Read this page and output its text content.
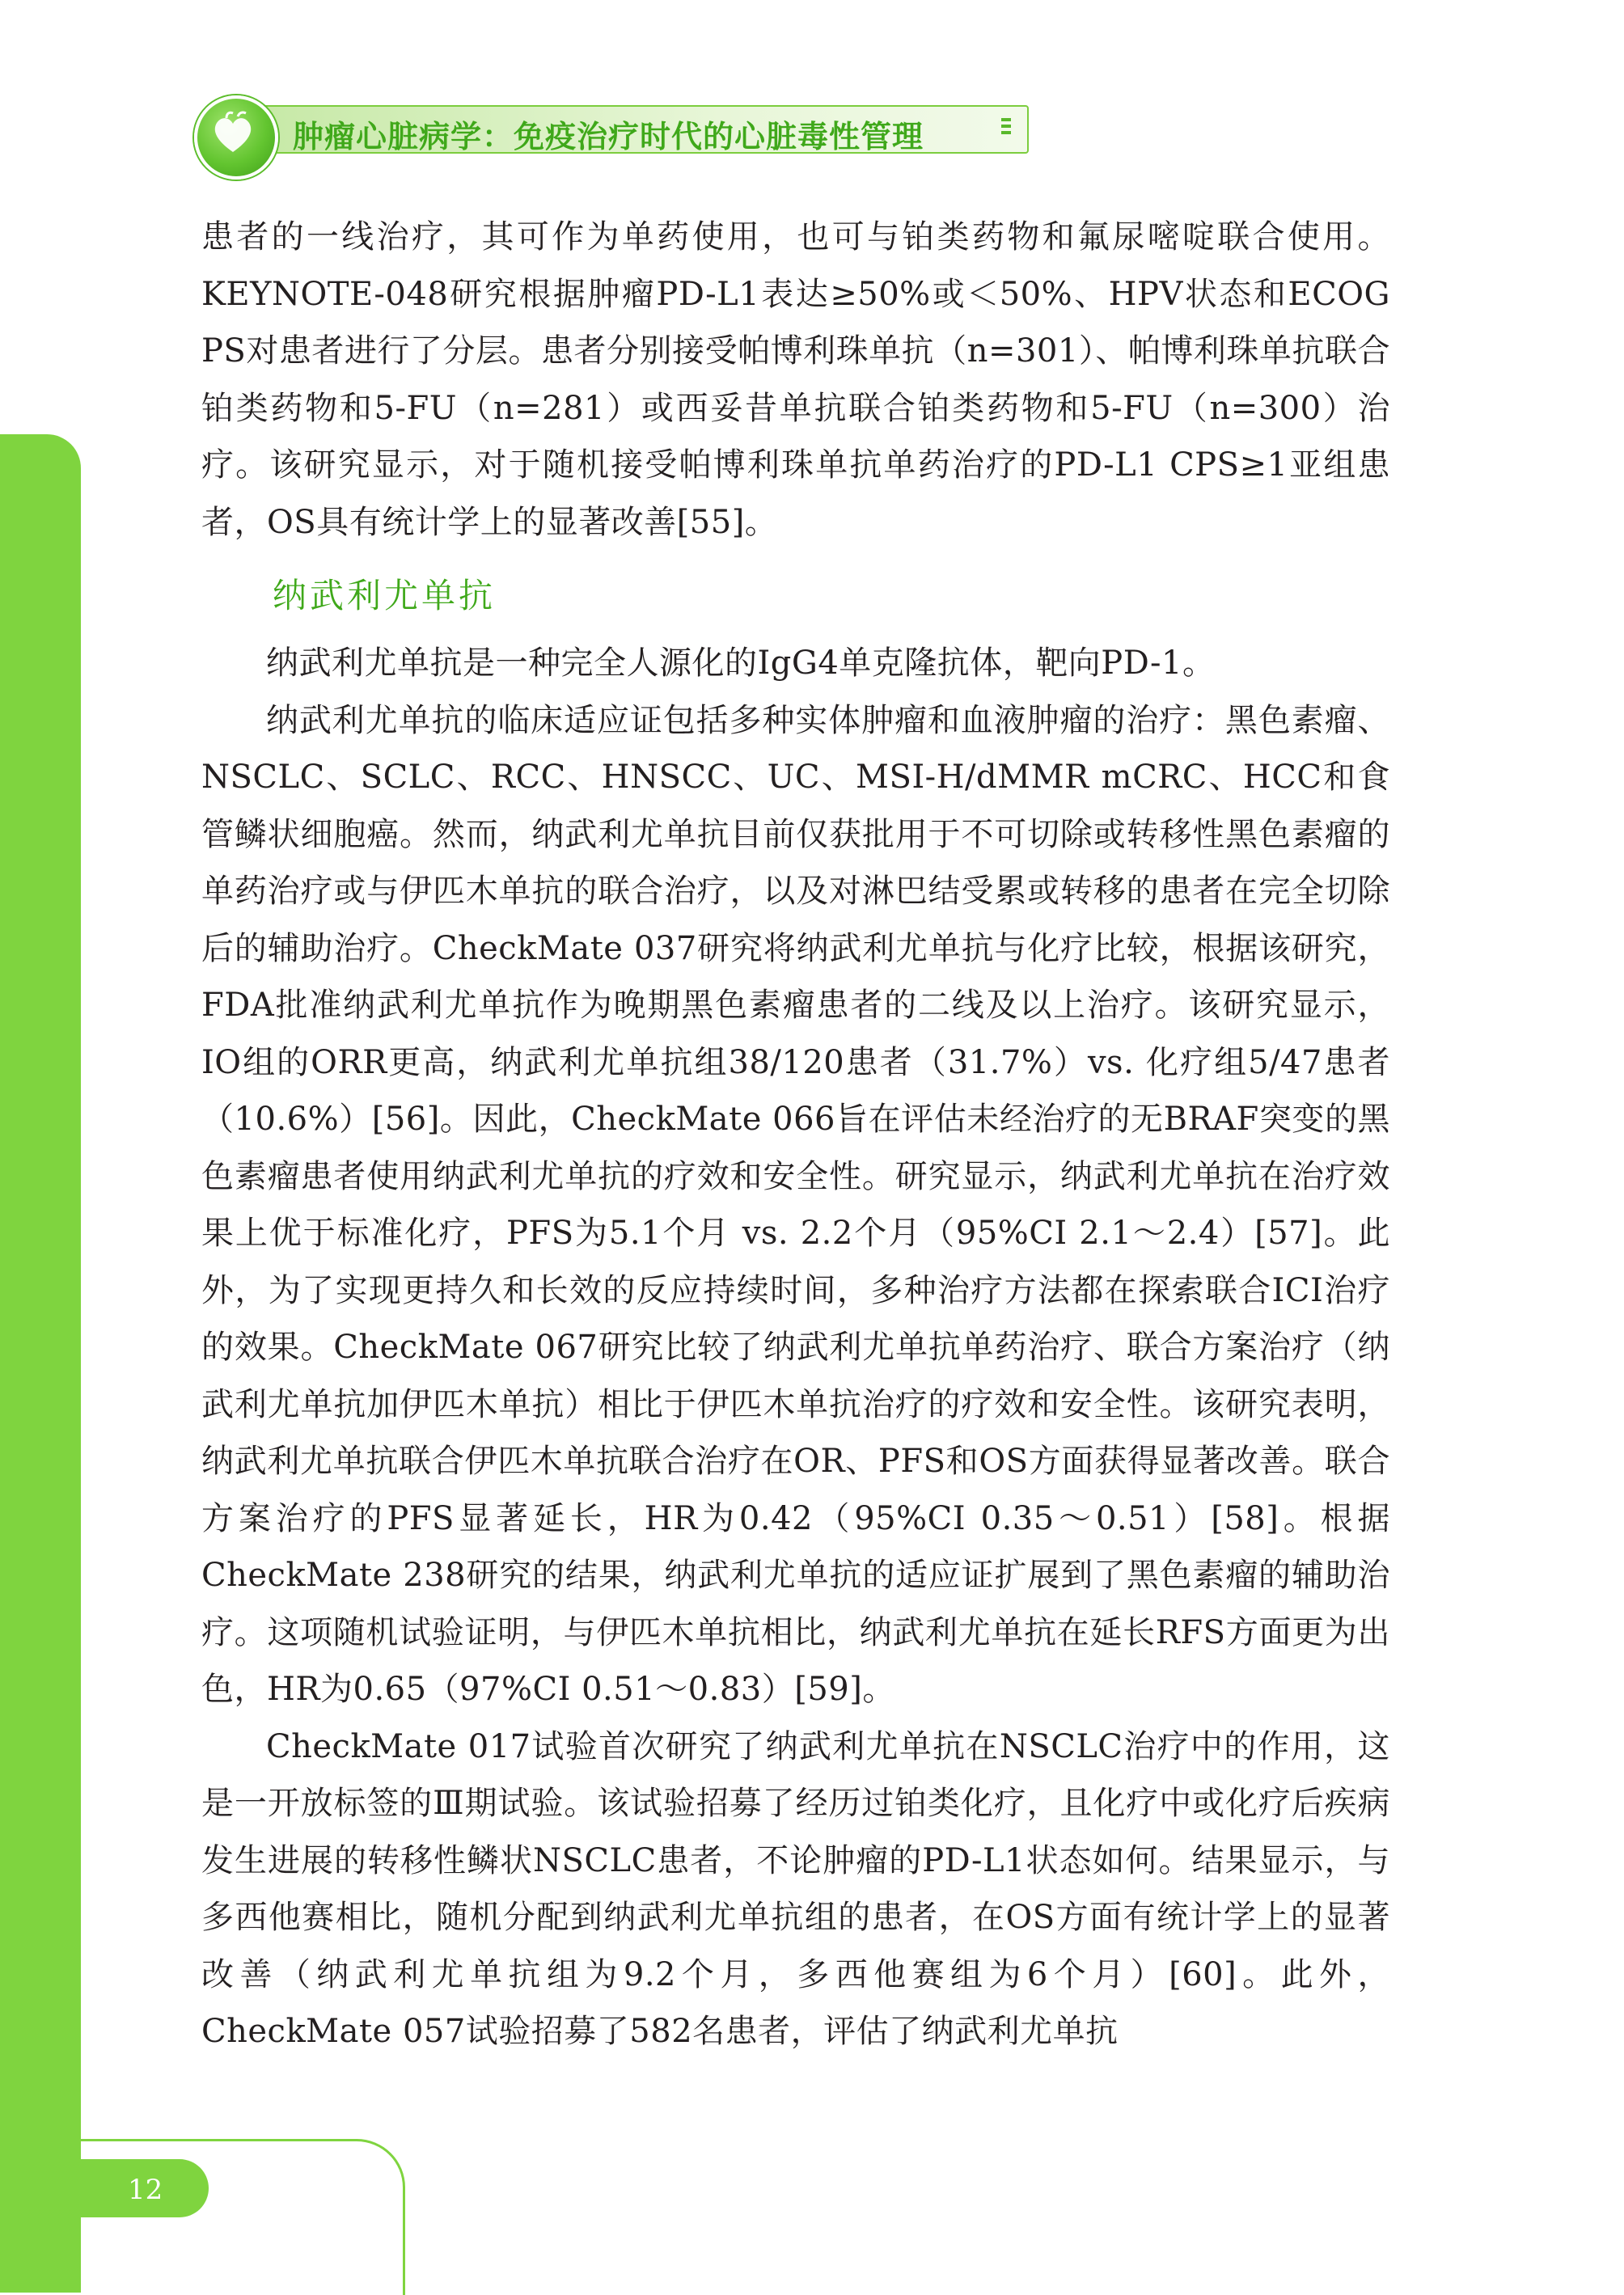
肿瘤心脏病学：免疫治疗时代的心脏毒性管理
12

患者的一线治疗，其可作为单药使用，也可与铂类药物和氟尿嘧啶联合使用。KEYNOTE-048研究根据肿瘤PD-L1表达≥50%或＜50%、HPV状态和ECOG PS对患者进行了分层。患者分别接受帕博利珠单抗（n=301）、帕博利珠单抗联合铂类药物和5-FU（n=281）或西妥昔单抗联合铂类药物和5-FU（n=300）治疗。该研究显示，对于随机接受帕博利珠单抗单药治疗的PD-L1 CPS≥1亚组患者，OS具有统计学上的显著改善[55]。

纳武利尤单抗

纳武利尤单抗是一种完全人源化的IgG4单克隆抗体，靶向PD-1。

纳武利尤单抗的临床适应证包括多种实体肿瘤和血液肿瘤的治疗：黑色素瘤、NSCLC、SCLC、RCC、HNSCC、UC、MSI-H/dMMR mCRC、HCC和食管鳞状细胞癌。然而，纳武利尤单抗目前仅获批用于不可切除或转移性黑色素瘤的单药治疗或与伊匹木单抗的联合治疗，以及对淋巴结受累或转移的患者在完全切除后的辅助治疗。CheckMate 037研究将纳武利尤单抗与化疗比较，根据该研究，FDA批准纳武利尤单抗作为晚期黑色素瘤患者的二线及以上治疗。该研究显示，IO组的ORR更高，纳武利尤单抗组38/120患者（31.7%）vs. 化疗组5/47患者（10.6%）[56]。因此，CheckMate 066旨在评估未经治疗的无BRAF突变的黑色素瘤患者使用纳武利尤单抗的疗效和安全性。研究显示，纳武利尤单抗在治疗效果上优于标准化疗，PFS为5.1个月 vs. 2.2个月（95%CI 2.1～2.4）[57]。此外，为了实现更持久和长效的反应持续时间，多种治疗方法都在探索联合ICI治疗的效果。CheckMate 067研究比较了纳武利尤单抗单药治疗、联合方案治疗（纳武利尤单抗加伊匹木单抗）相比于伊匹木单抗治疗的疗效和安全性。该研究表明，纳武利尤单抗联合伊匹木单抗联合治疗在OR、PFS和OS方面获得显著改善。联合方案治疗的PFS显著延长，HR为0.42（95%CI 0.35～0.51）[58]。根据CheckMate 238研究的结果，纳武利尤单抗的适应证扩展到了黑色素瘤的辅助治疗。这项随机试验证明，与伊匹木单抗相比，纳武利尤单抗在延长RFS方面更为出色，HR为0.65（97%CI 0.51～0.83）[59]。

CheckMate 017试验首次研究了纳武利尤单抗在NSCLC治疗中的作用，这是一开放标签的Ⅲ期试验。该试验招募了经历过铂类化疗，且化疗中或化疗后疾病发生进展的转移性鳞状NSCLC患者，不论肿瘤的PD-L1状态如何。结果显示，与多西他赛相比，随机分配到纳武利尤单抗组的患者，在OS方面有统计学上的显著改善（纳武利尤单抗组为9.2个月，多西他赛组为6个月）[60]。此外，CheckMate 057试验招募了582名患者，评估了纳武利尤单抗
